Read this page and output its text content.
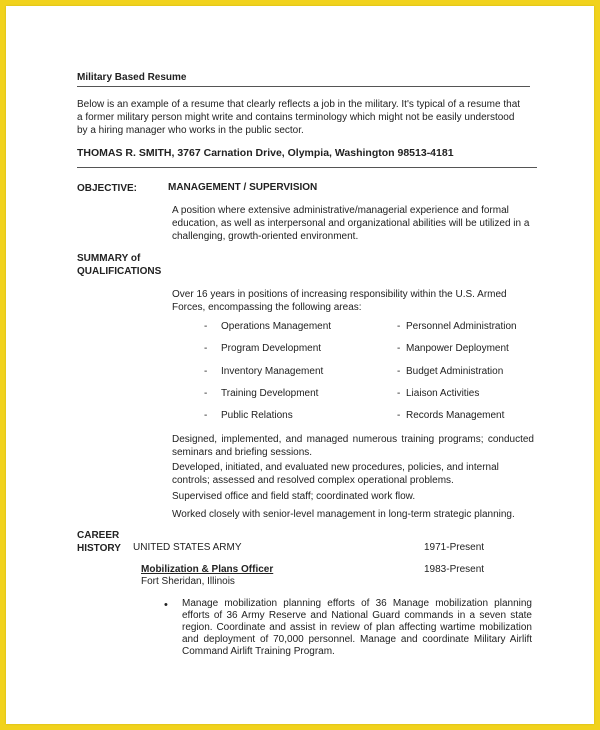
Military Based Resume
Below is an example of a resume that clearly reflects a job in the military. It's typical of a resume that a former military person might write and contains terminology which might not be easily understood by a hiring manager who works in the public sector.
THOMAS R. SMITH, 3767 Carnation Drive, Olympia, Washington 98513-4181
OBJECTIVE:	MANAGEMENT / SUPERVISION
A position where extensive administrative/managerial experience and formal education, as well as interpersonal and organizational abilities will be utilized in a challenging, growth-oriented environment.
SUMMARY of
QUALIFICATIONS
Over 16 years in positions of increasing responsibility within the U.S. Armed Forces, encompassing the following areas:
- Operations Management	- Personnel Administration
- Program Development	- Manpower Deployment
- Inventory Management	- Budget Administration
- Training Development	- Liaison Activities
- Public Relations	- Records Management
Designed, implemented, and managed numerous training programs; conducted seminars and briefing sessions.
Developed, initiated, and evaluated new procedures, policies, and internal controls; assessed and resolved complex operational problems.
Supervised office and field staff; coordinated work flow.
Worked closely with senior-level management in long-term strategic planning.
CAREER
HISTORY	UNITED STATES ARMY	1971-Present
Mobilization & Plans Officer	1983-Present
Fort Sheridan, Illinois
• Manage mobilization planning efforts of 36 Manage mobilization planning efforts of 36 Army Reserve and National Guard commands in a seven state region. Coordinate and assist in review of plan affecting wartime mobilization and deployment of 70,000 personnel. Manage and coordinate Military Airlift Command Airlift Training Program.
